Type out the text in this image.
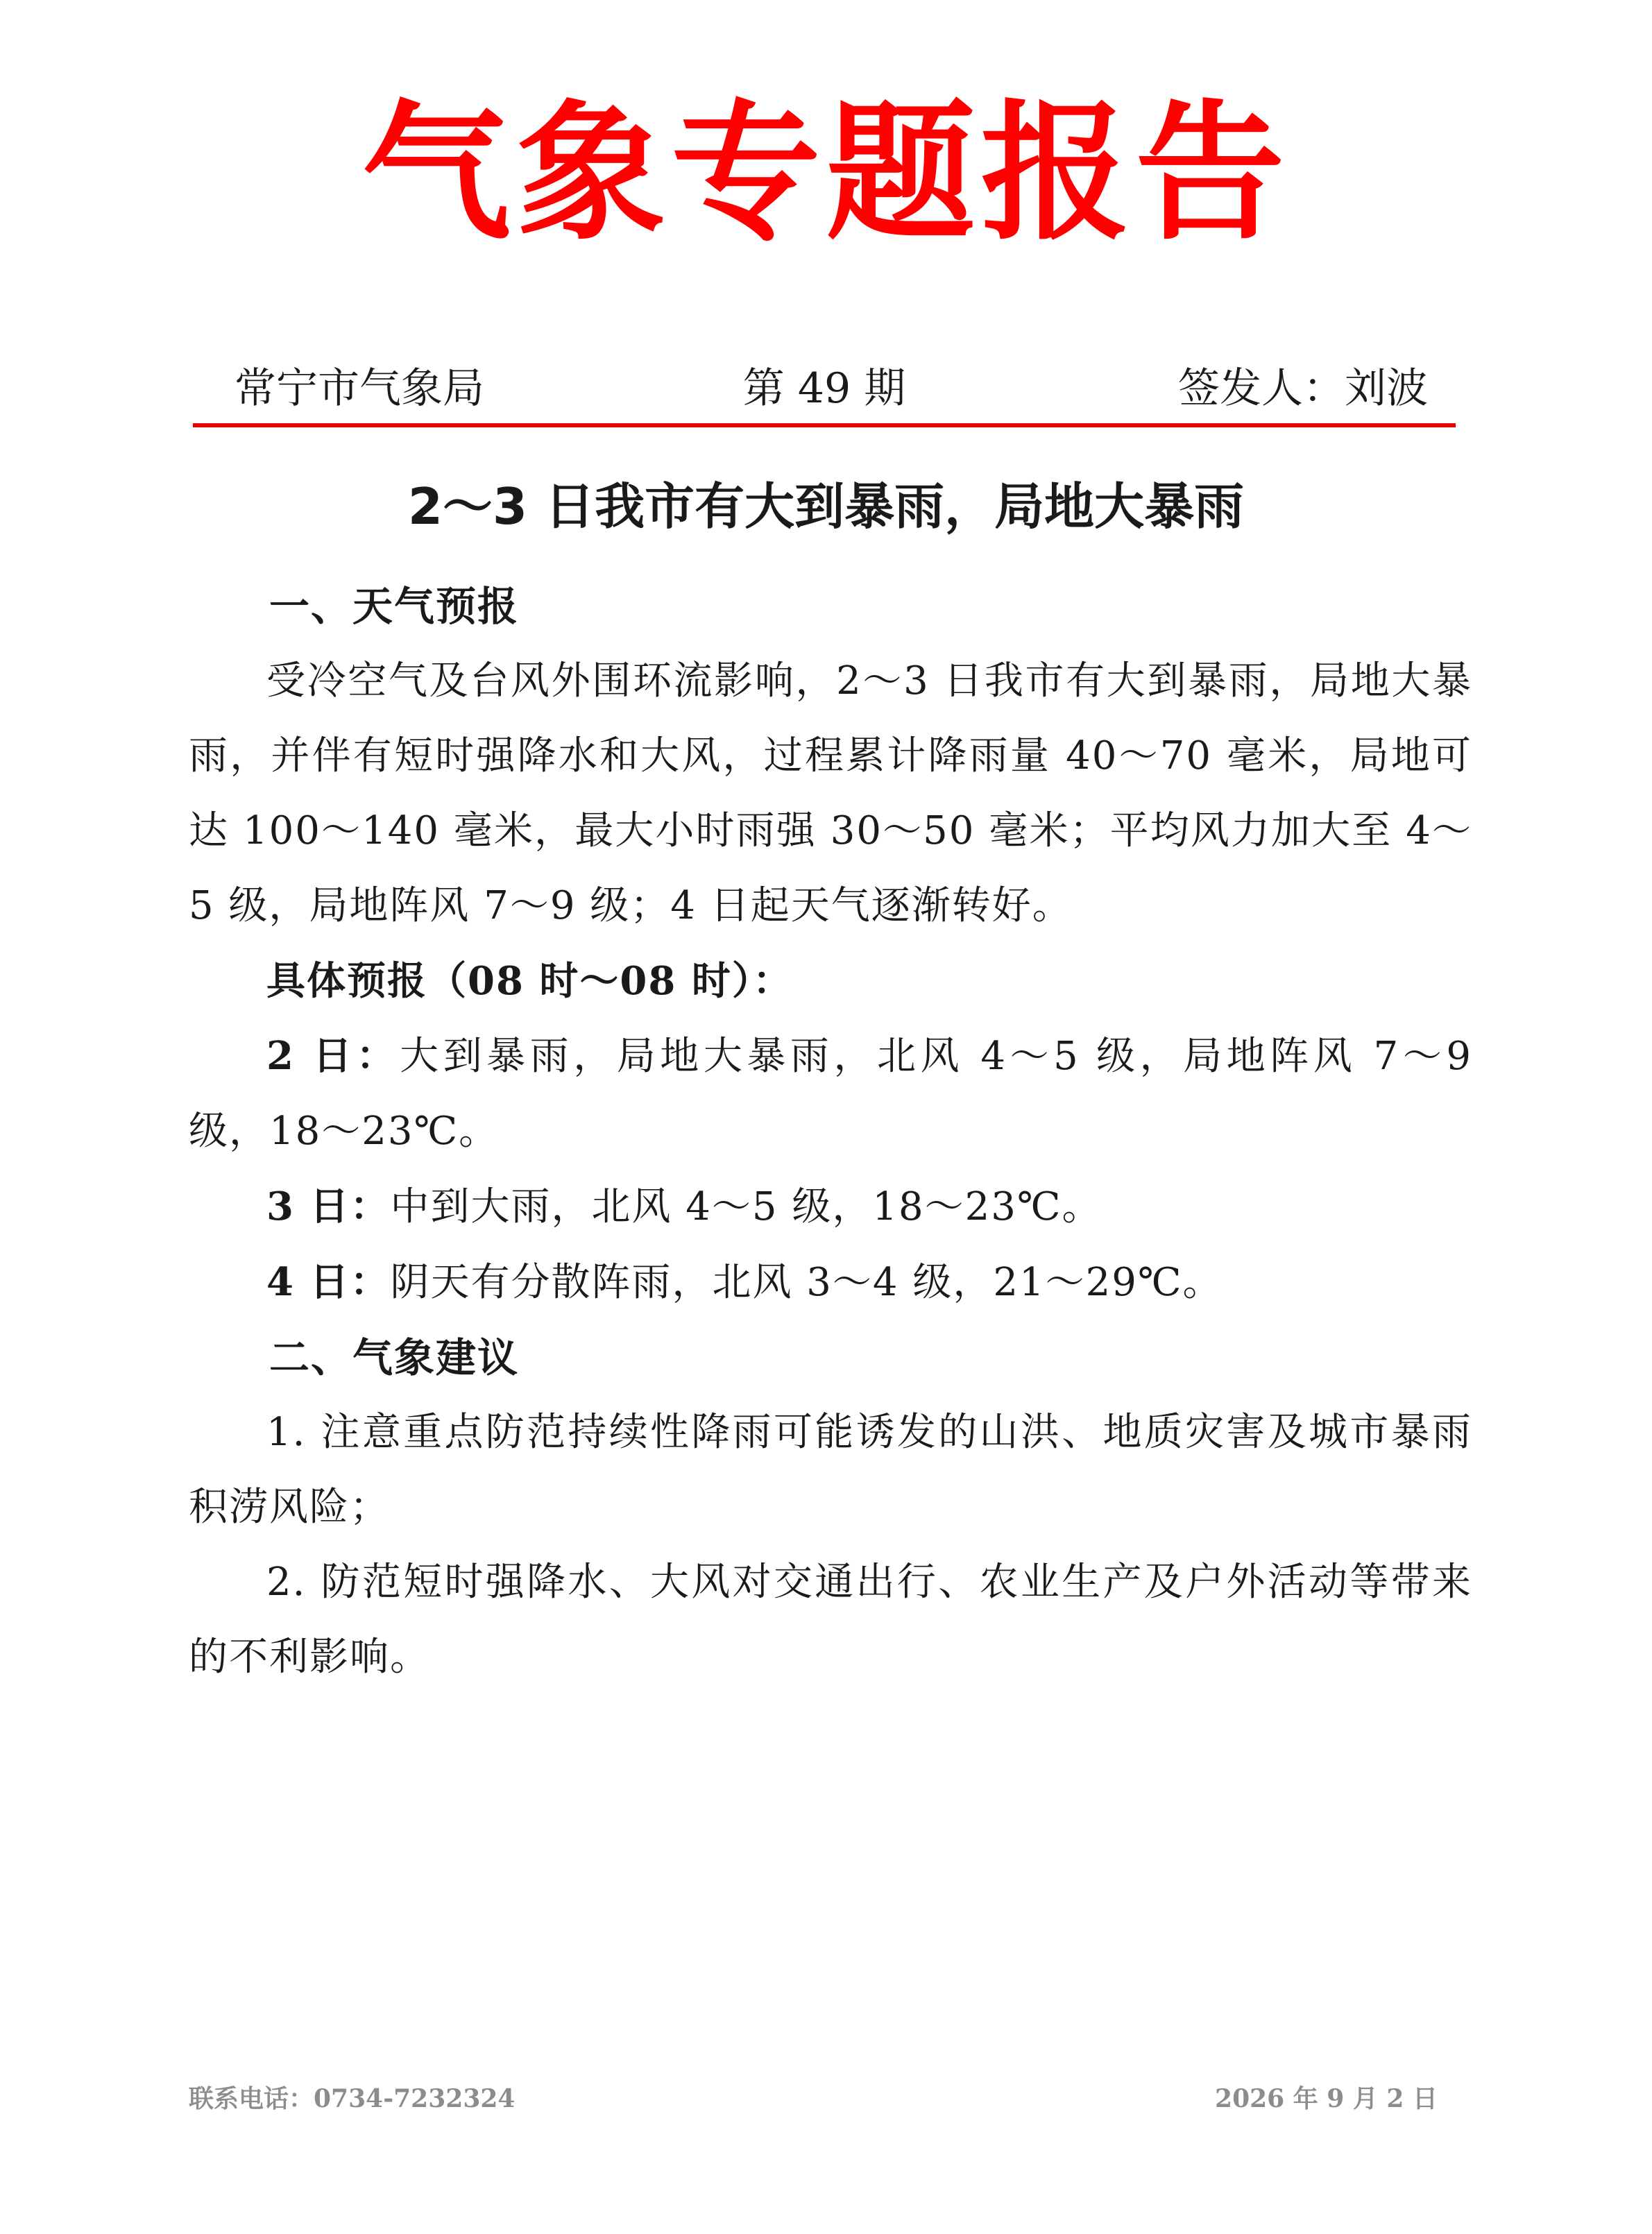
气象专题报告
常宁市气象局	第 49 期	签发人：刘波
2～3 日我市有大到暴雨，局地大暴雨

一、天气预报

受冷空气及台风外围环流影响，2～3 日我市有大到暴雨，局地大暴雨，并伴有短时强降水和大风，过程累计降雨量 40～70 毫米，局地可达 100～140 毫米，最大小时雨强 30～50 毫米；平均风力加大至 4～5 级，局地阵风 7～9 级；4 日起天气逐渐转好。

具体预报（08 时～08 时）：

2 日：大到暴雨，局地大暴雨，北风 4～5 级，局地阵风 7～9 级，18～23℃。

3 日：中到大雨，北风 4～5 级，18～23℃。

4 日：阴天有分散阵雨，北风 3～4 级，21～29℃。

二、气象建议

1. 注意重点防范持续性降雨可能诱发的山洪、地质灾害及城市暴雨积涝风险；

2. 防范短时强降水、大风对交通出行、农业生产及户外活动等带来的不利影响。

联系电话：0734-7232324	2026 年 9 月 2 日
